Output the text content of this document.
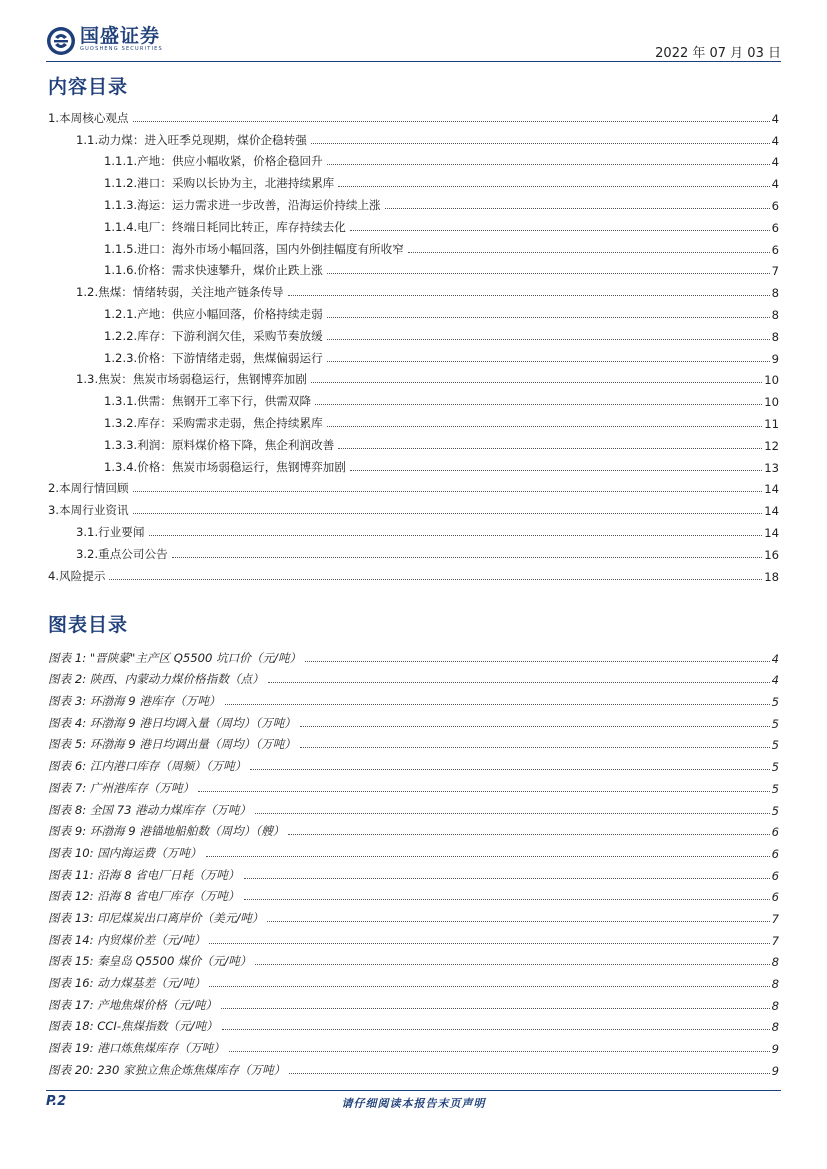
国盛证券
GUOSHENG SECURITIES	2022 年 07 月 03 日
内容目录
1.本周核心观点	4
1.1.动力煤：进入旺季兑现期，煤价企稳转强	4
1.1.1.产地：供应小幅收紧，价格企稳回升	4
1.1.2.港口：采购以长协为主，北港持续累库	4
1.1.3.海运：运力需求进一步改善，沿海运价持续上涨	6
1.1.4.电厂：终端日耗同比转正，库存持续去化	6
1.1.5.进口：海外市场小幅回落，国内外倒挂幅度有所收窄	6
1.1.6.价格：需求快速攀升，煤价止跌上涨	7
1.2.焦煤：情绪转弱，关注地产链条传导	8
1.2.1.产地：供应小幅回落，价格持续走弱	8
1.2.2.库存：下游利润欠佳，采购节奏放缓	8
1.2.3.价格：下游情绪走弱，焦煤偏弱运行	9
1.3.焦炭：焦炭市场弱稳运行，焦钢博弈加剧	10
1.3.1.供需：焦钢开工率下行，供需双降	10
1.3.2.库存：采购需求走弱，焦企持续累库	11
1.3.3.利润：原料煤价格下降，焦企利润改善	12
1.3.4.价格：焦炭市场弱稳运行，焦钢博弈加剧	13
2.本周行情回顾	14
3.本周行业资讯	14
3.1.行业要闻	14
3.2.重点公司公告	16
4.风险提示	18
图表目录
图表 1: "晋陕蒙"主产区 Q5500 坑口价（元/吨）	4
图表 2: 陕西、内蒙动力煤价格指数（点）	4
图表 3: 环渤海 9 港库存（万吨）	5
图表 4: 环渤海 9 港日均调入量（周均）（万吨）	5
图表 5: 环渤海 9 港日均调出量（周均）（万吨）	5
图表 6: 江内港口库存（周频）（万吨）	5
图表 7: 广州港库存（万吨）	5
图表 8: 全国 73 港动力煤库存（万吨）	5
图表 9: 环渤海 9 港锚地船舶数（周均）（艘）	6
图表 10: 国内海运费（万吨）	6
图表 11: 沿海 8 省电厂日耗（万吨）	6
图表 12: 沿海 8 省电厂库存（万吨）	6
图表 13: 印尼煤炭出口离岸价（美元/吨）	7
图表 14: 内贸煤价差（元/吨）	7
图表 15: 秦皇岛 Q5500 煤价（元/吨）	8
图表 16: 动力煤基差（元/吨）	8
图表 17: 产地焦煤价格（元/吨）	8
图表 18: CCI-焦煤指数（元/吨）	8
图表 19: 港口炼焦煤库存（万吨）	9
图表 20: 230 家独立焦企炼焦煤库存（万吨）	9
P.2	请仔细阅读本报告末页声明
